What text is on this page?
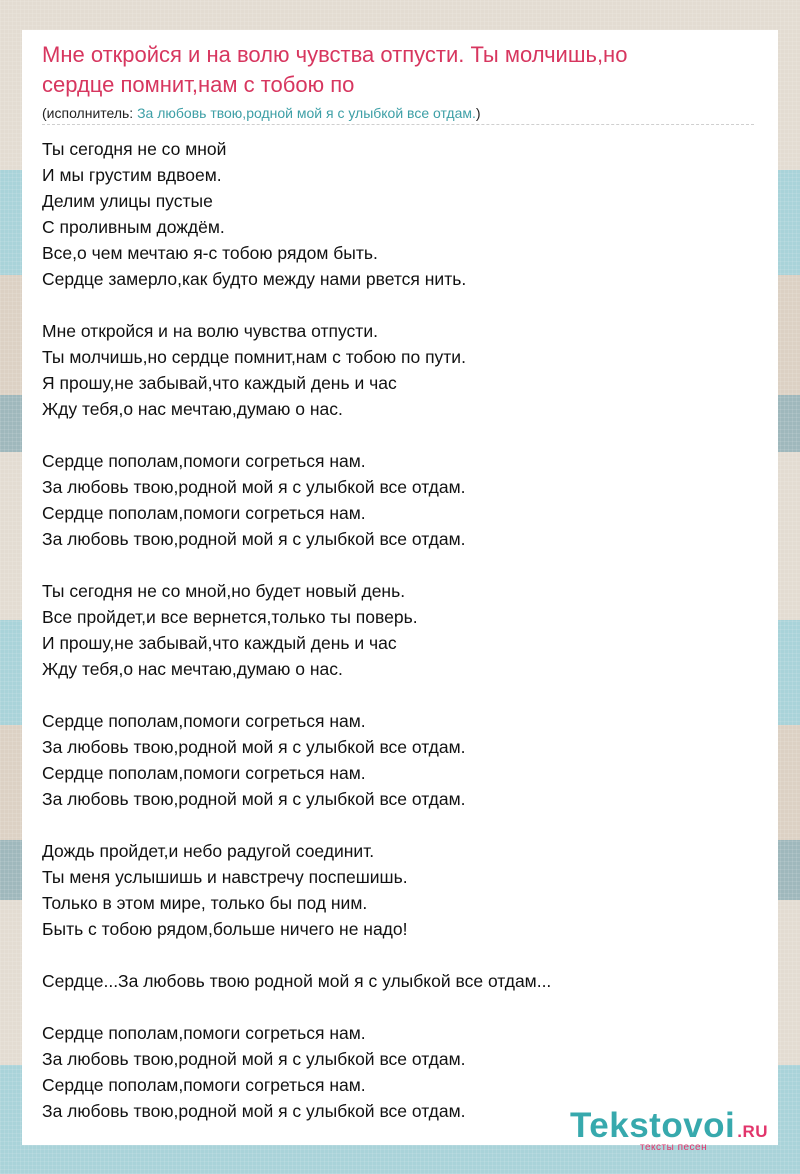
Мне откройся и на волю чувства отпусти. Ты молчишь,но
сердце помнит,нам с тобою по
(исполнитель: За любовь твою,родной мой я с улыбкой все отдам.)
Ты сегодня не со мной
И мы грустим вдвоем.
Делим улицы пустые
С проливным дождём.
Все,о чем мечтаю я-с тобою рядом быть.
Сердце замерло,как будто между нами рвется нить.
Мне откройся и на волю чувства отпусти.
Ты молчишь,но сердце помнит,нам с тобою по пути.
Я прошу,не забывай,что каждый день и час
Жду тебя,о нас мечтаю,думаю о нас.
Сердце пополам,помоги согреться нам.
За любовь твою,родной мой я с улыбкой все отдам.
Сердце пополам,помоги согреться нам.
За любовь твою,родной мой я с улыбкой все отдам.
Ты сегодня не со мной,но будет новый день.
Все пройдет,и все вернется,только ты поверь.
И прошу,не забывай,что каждый день и час
Жду тебя,о нас мечтаю,думаю о нас.
Сердце пополам,помоги согреться нам.
За любовь твою,родной мой я с улыбкой все отдам.
Сердце пополам,помоги согреться нам.
За любовь твою,родной мой я с улыбкой все отдам.
Дождь пройдет,и небо радугой соединит.
Ты меня услышишь и навстречу поспешишь.
Только в этом мире, только бы под ним.
Быть с тобою рядом,больше ничего не надо!
Сердце...За любовь твою родной мой я с улыбкой все отдам...
Сердце пополам,помоги согреться нам.
За любовь твою,родной мой я с улыбкой все отдам.
Сердце пополам,помоги согреться нам.
За любовь твою,родной мой я с улыбкой все отдам.	Tekstovoi .RU
тексты песен
